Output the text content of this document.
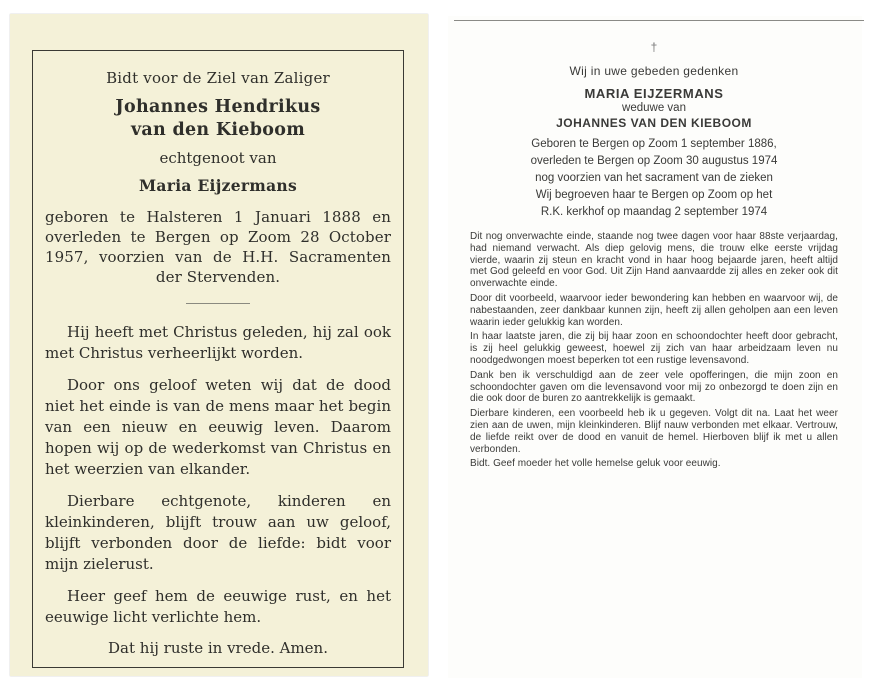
Bidt voor de Ziel van Zaliger
Johannes Hendrikus
van den Kieboom
echtgenoot van
Maria Eijzermans
geboren te Halsteren 1 Januari 1888 en overleden te Bergen op Zoom 28 October 1957, voorzien van de H.H. Sacramenten der Stervenden.

Hij heeft met Christus geleden, hij zal ook met Christus verheerlijkt worden.

Door ons geloof weten wij dat de dood niet het einde is van de mens maar het begin van een nieuw en eeuwig leven. Daarom hopen wij op de wederkomst van Christus en het weerzien van elkander.

Dierbare echtgenote, kinderen en kleinkinderen, blijft trouw aan uw geloof, blijft verbonden door de liefde: bidt voor mijn zielerust.

Heer geef hem de eeuwige rust, en het eeuwige licht verlichte hem.

Dat hij ruste in vrede. Amen.
†
Wij in uwe gebeden gedenken
MARIA EIJZERMANS
weduwe van
JOHANNES VAN DEN KIEBOOM
Geboren te Bergen op Zoom 1 september 1886,
overleden te Bergen op Zoom 30 augustus 1974
nog voorzien van het sacrament van de zieken
Wij begroeven haar te Bergen op Zoom op het
R.K. kerkhof op maandag 2 september 1974

Dit nog onverwachte einde, staande nog twee dagen voor haar 88ste verjaardag, had niemand verwacht. Als diep gelovig mens, die trouw elke eerste vrijdag vierde, waarin zij steun en kracht vond in haar hoog bejaarde jaren, heeft altijd met God geleefd en voor God. Uit Zijn Hand aanvaardde zij alles en zeker ook dit onverwachte einde.

Door dit voorbeeld, waarvoor ieder bewondering kan hebben en waarvoor wij, de nabestaanden, zeer dankbaar kunnen zijn, heeft zij allen geholpen aan een leven waarin ieder gelukkig kan worden.

In haar laatste jaren, die zij bij haar zoon en schoondochter heeft door gebracht, is zij heel gelukkig geweest, hoewel zij zich van haar arbeidzaam leven nu noodgedwongen moest beperken tot een rustige levensavond.

Dank ben ik verschuldigd aan de zeer vele opofferingen, die mijn zoon en schoondochter gaven om die levensavond voor mij zo onbezorgd te doen zijn en die ook door de buren zo aantrekkelijk is gemaakt.

Dierbare kinderen, een voorbeeld heb ik u gegeven. Volgt dit na. Laat het weer zien aan de uwen, mijn kleinkinderen. Blijf nauw verbonden met elkaar. Vertrouw, de liefde reikt over de dood en vanuit de hemel. Hierboven blijf ik met u allen verbonden.

Bidt. Geef moeder het volle hemelse geluk voor eeuwig.
